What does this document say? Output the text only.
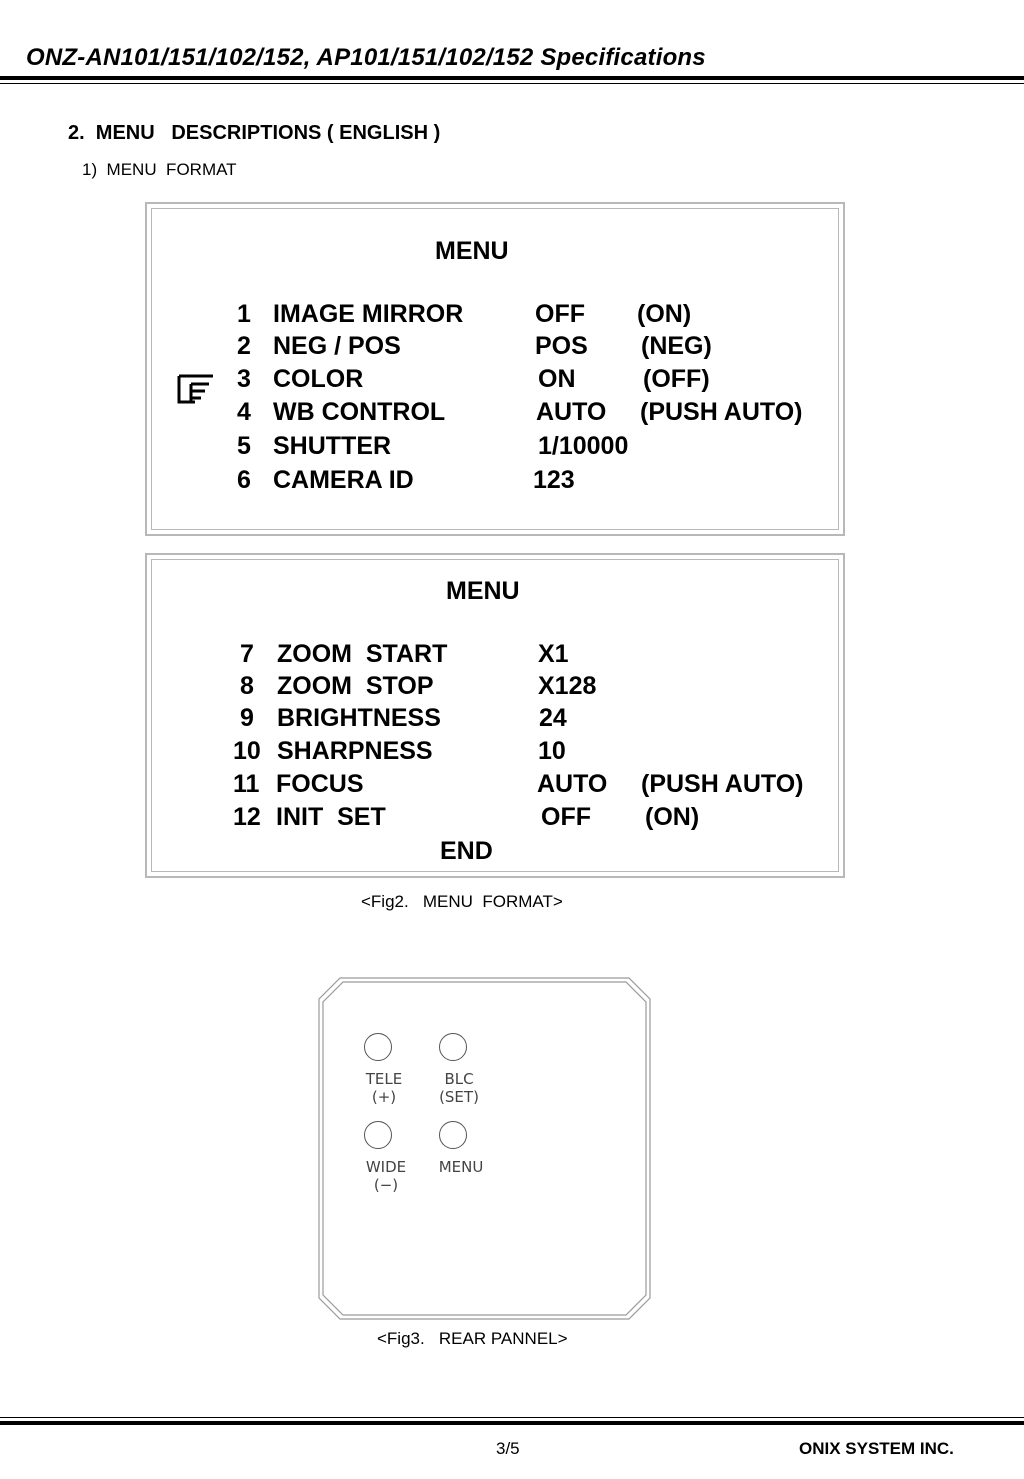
ONZ-AN101/151/102/152, AP101/151/102/152 Specifications
2.  MENU   DESCRIPTIONS ( ENGLISH )
1)  MENU  FORMAT
MENU
1 IMAGE MIRROR	OFF (ON)
2 NEG / POS	POS (NEG)
3 COLOR	ON	(OFF)
4 WB CONTROL	AUTO (PUSH AUTO)
5 SHUTTER	1/10000
6 CAMERA ID	123
MENU
7 ZOOM  START	X1
8 ZOOM  STOP	X128
9 BRIGHTNESS	24
10 SHARPNESS	10
11 FOCUS	AUTO (PUSH AUTO)
12 INIT  SET	OFF (ON)
END
<Fig2.   MENU  FORMAT>
TELE
(+)
BLC
(SET)
WIDE
(−)
MENU
<Fig3.   REAR PANNEL>
3/5	ONIX SYSTEM INC.
